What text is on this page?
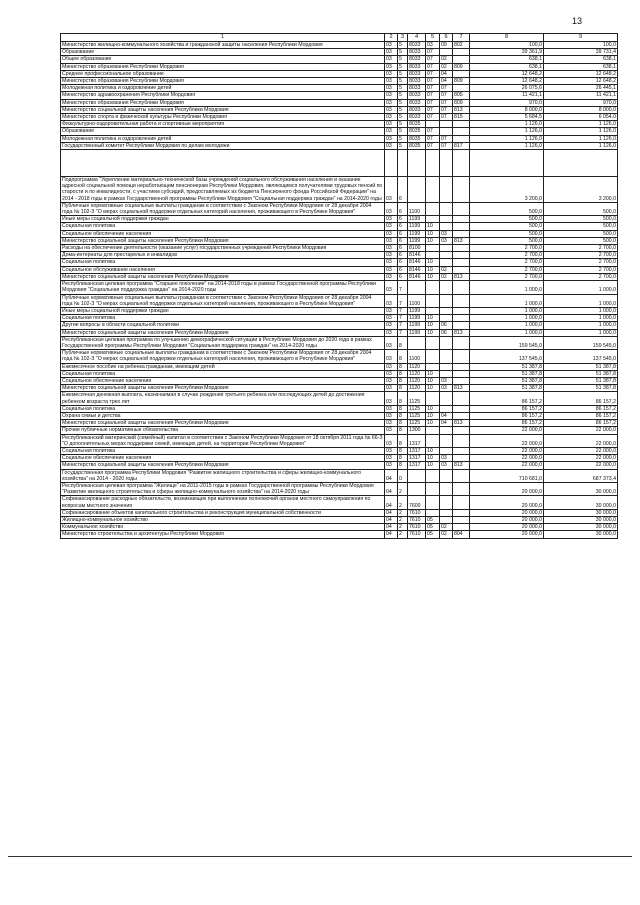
13
1	2	3	4	5	6	7	8	9
Министерство жилищно-коммунального хозяйства и гражданской защиты населения Республики Мордовия	03	5	8033	03	09	802	100,0	100,0
Образование	03	5	8033	07			39 361,9	39 731,4
Общее образование	03	5	8033	07	02		638,1	638,1
Министерство образования Республики Мордовия	03	5	8033	07	02	809	638,1	638,1
Среднее профессиональное образование	03	5	8033	07	04		12 648,2	12 648,2
Министерство образования Республики Мордовия	03	5	8033	07	04	809	12 648,2	12 648,2
Молодежная политика и оздоровление детей	03	5	8033	07	07		26 075,6	26 445,1
Министерство здравоохранения Республики Мордовия	03	5	8033	07	07	805	11 421,1	11 421,1
Министерство образования Республики Мордовия	03	5	8033	07	07	809	970,0	970,0
Министерство социальной защиты населения Республики Мордовия	03	5	8033	07	07	813	8 000,0	8 000,0
Министерство спорта и физической культуры Республики Мордовия	03	5	8033	07	07	815	5 684,5	6 054,0
Физкультурно-оздоровительная работа и спортивные мероприятия	03	5	8035				1 126,0	1 126,0
Образование	03	5	8035	07			1 126,0	1 126,0
Молодежная политика и оздоровление детей	03	5	8035	07	07		1 126,0	1 126,0
Государственный комитет Республики Мордовия по делам молодежи	03	5	8035	07	07	817	1 126,0	1 126,0

Подпрограмма "Укрепление материально-технической базы учреждений социального обслуживания населения и оказание адресной социальной помощи неработающим пенсионерам Республики Мордовия, являющимся получателями трудовых пенсий по старости и по инвалидности, с участием субсидий, предоставляемых из бюджета Пенсионного фонда Российской Федерации" на 2014 - 2018 годы в рамках Государственной программы Республики Мордовия "Социальная поддержка граждан" на 2014-2020 годы	03	6					3 200,0	3 200,0
Публичные нормативные социальные выплаты гражданам в соответствии с Законом Республики Мордовия от 28 декабря 2004 года № 102-З "О мерах социальной поддержки отдельных категорий населения, проживающего в Республике Мордовия"	03	6	1100				500,0	500,0
Иные меры социальной поддержки граждан	03	6	1199				500,0	500,0
Социальная политика	03	6	1199	10			500,0	500,0
Социальное обеспечение населения	03	6	1199	10	03		500,0	500,0
Министерство социальной защиты населения Республики Мордовия	03	6	1199	10	03	813	500,0	500,0
Расходы на обеспечение деятельности (оказание услуг) государственных учреждений Республики Мордовия	03	6	8100				2 700,0	2 700,0
Дома-интернаты для престарелых и инвалидов	03	6	8146				2 700,0	2 700,0
Социальная политика	03	6	8146	10			2 700,0	2 700,0
Социальное обслуживание населения	03	6	8146	10	02		2 700,0	2 700,0
Министерство социальной защиты населения Республики Мордовия	03	6	8146	10	02	813	2 700,0	2 700,0
Республиканская целевая программа "Старшее поколение" на 2014-2018 годы в рамках Государственной программы Республики Мордовия "Социальная поддержка граждан" на 2014-2020 годы	03	7					1 000,0	1 000,0
Публичные нормативные социальные выплаты гражданам в соответствии с Законом Республики Мордовия от 28 декабря 2004 года № 102-З "О мерах социальной поддержки отдельных категорий населения, проживающего в Республике Мордовия"	03	7	1100				1 000,0	1 000,0
Иные меры социальной поддержки граждан	03	7	1199				1 000,0	1 000,0
Социальная политика	03	7	1199	10			1 000,0	1 000,0
Другие вопросы в области социальной политики	03	7	1199	10	06		1 000,0	1 000,0
Министерство социальной защиты населения Республики Мордовия	03	7	1199	10	06	813	1 000,0	1 000,0
Республиканская целевая программа по улучшению демографической ситуации в Республике Мордовия до 2020 года в рамках Государственной программы Республики Мордовия "Социальная поддержка граждан" на 2014-2020 годы	03	8					159 545,0	159 545,0
Публичные нормативные социальные выплаты гражданам в соответствии с Законом Республики Мордовия от 28 декабря 2004 года № 102-З "О мерах социальной поддержки отдельных категорий населения, проживающего в Республике Мордовия"	03	8	1100				137 545,0	137 545,0
Ежемесячное пособие на ребенка гражданам, имеющим детей	03	8	1120				51 387,8	51 387,8
Социальная политика	03	8	1120	10			51 387,8	51 387,8
Социальное обеспечение населения	03	8	1120	10	03		51 387,8	51 387,8
Министерство социальной защиты населения Республики Мордовия	03	8	1120	10	03	813	51 387,8	51 387,8
Ежемесячная денежная выплата, назначаемая в случае рождения третьего ребенка или последующих детей до достижения ребенком возраста трех лет	03	8	1125				86 157,2	86 157,2
Социальная политика	03	8	1125	10			86 157,2	86 157,2
Охрана семьи и детства	03	8	1125	10	04		86 157,2	86 157,2
Министерство социальной защиты населения Республики Мордовия	03	8	1125	10	04	813	86 157,2	86 157,2
Прочие публичные нормативные обязательства	03	8	1300				22 000,0	22 000,0
Республиканский материнский (семейный) капитал в соответствии с Законом Республики Мордовия от 18 октября 2011 года № 66-З "О дополнительных мерах поддержки семей, имеющих детей, на территории Республики Мордовия"	03	8	1317				22 000,0	22 000,0
Социальная политика	03	8	1317	10			22 000,0	22 000,0
Социальное обеспечение населения	03	8	1317	10	03		22 000,0	22 000,0
Министерство социальной защиты населения Республики Мордовия	03	8	1317	10	03	813	22 000,0	22 000,0
Государственная программа Республики Мордовия "Развитие жилищного строительства и сферы жилищно-коммунального хозяйства" на 2014 - 2020 годы	04	0					710 681,0	687 373,4
Республиканская целевая программа "Жилище" на 2011-2015 годы в рамках Государственной программы Республики Мордовия "Развитие жилищного строительства и сферы жилищно-коммунального хозяйства" на 2014-2020 годы	04	2					20 000,0	30 000,0
Софинансирование расходных обязательств, возникающих при выполнении полномочий органов местного самоуправления по вопросам местного значения	04	2	7600				20 000,0	30 000,0
Софинансирование объектов капитального строительства и реконструкция муниципальной собственности	04	2	7610				20 000,0	30 000,0
Жилищно-коммунальное хозяйство	04	2	7610	05			20 000,0	30 000,0
Коммунальное хозяйство	04	2	7610	05	02		20 000,0	30 000,0
Министерство строительства и архитектуры Республики Мордовия	04	2	7610	05	02	804	20 000,0	30 000,0
